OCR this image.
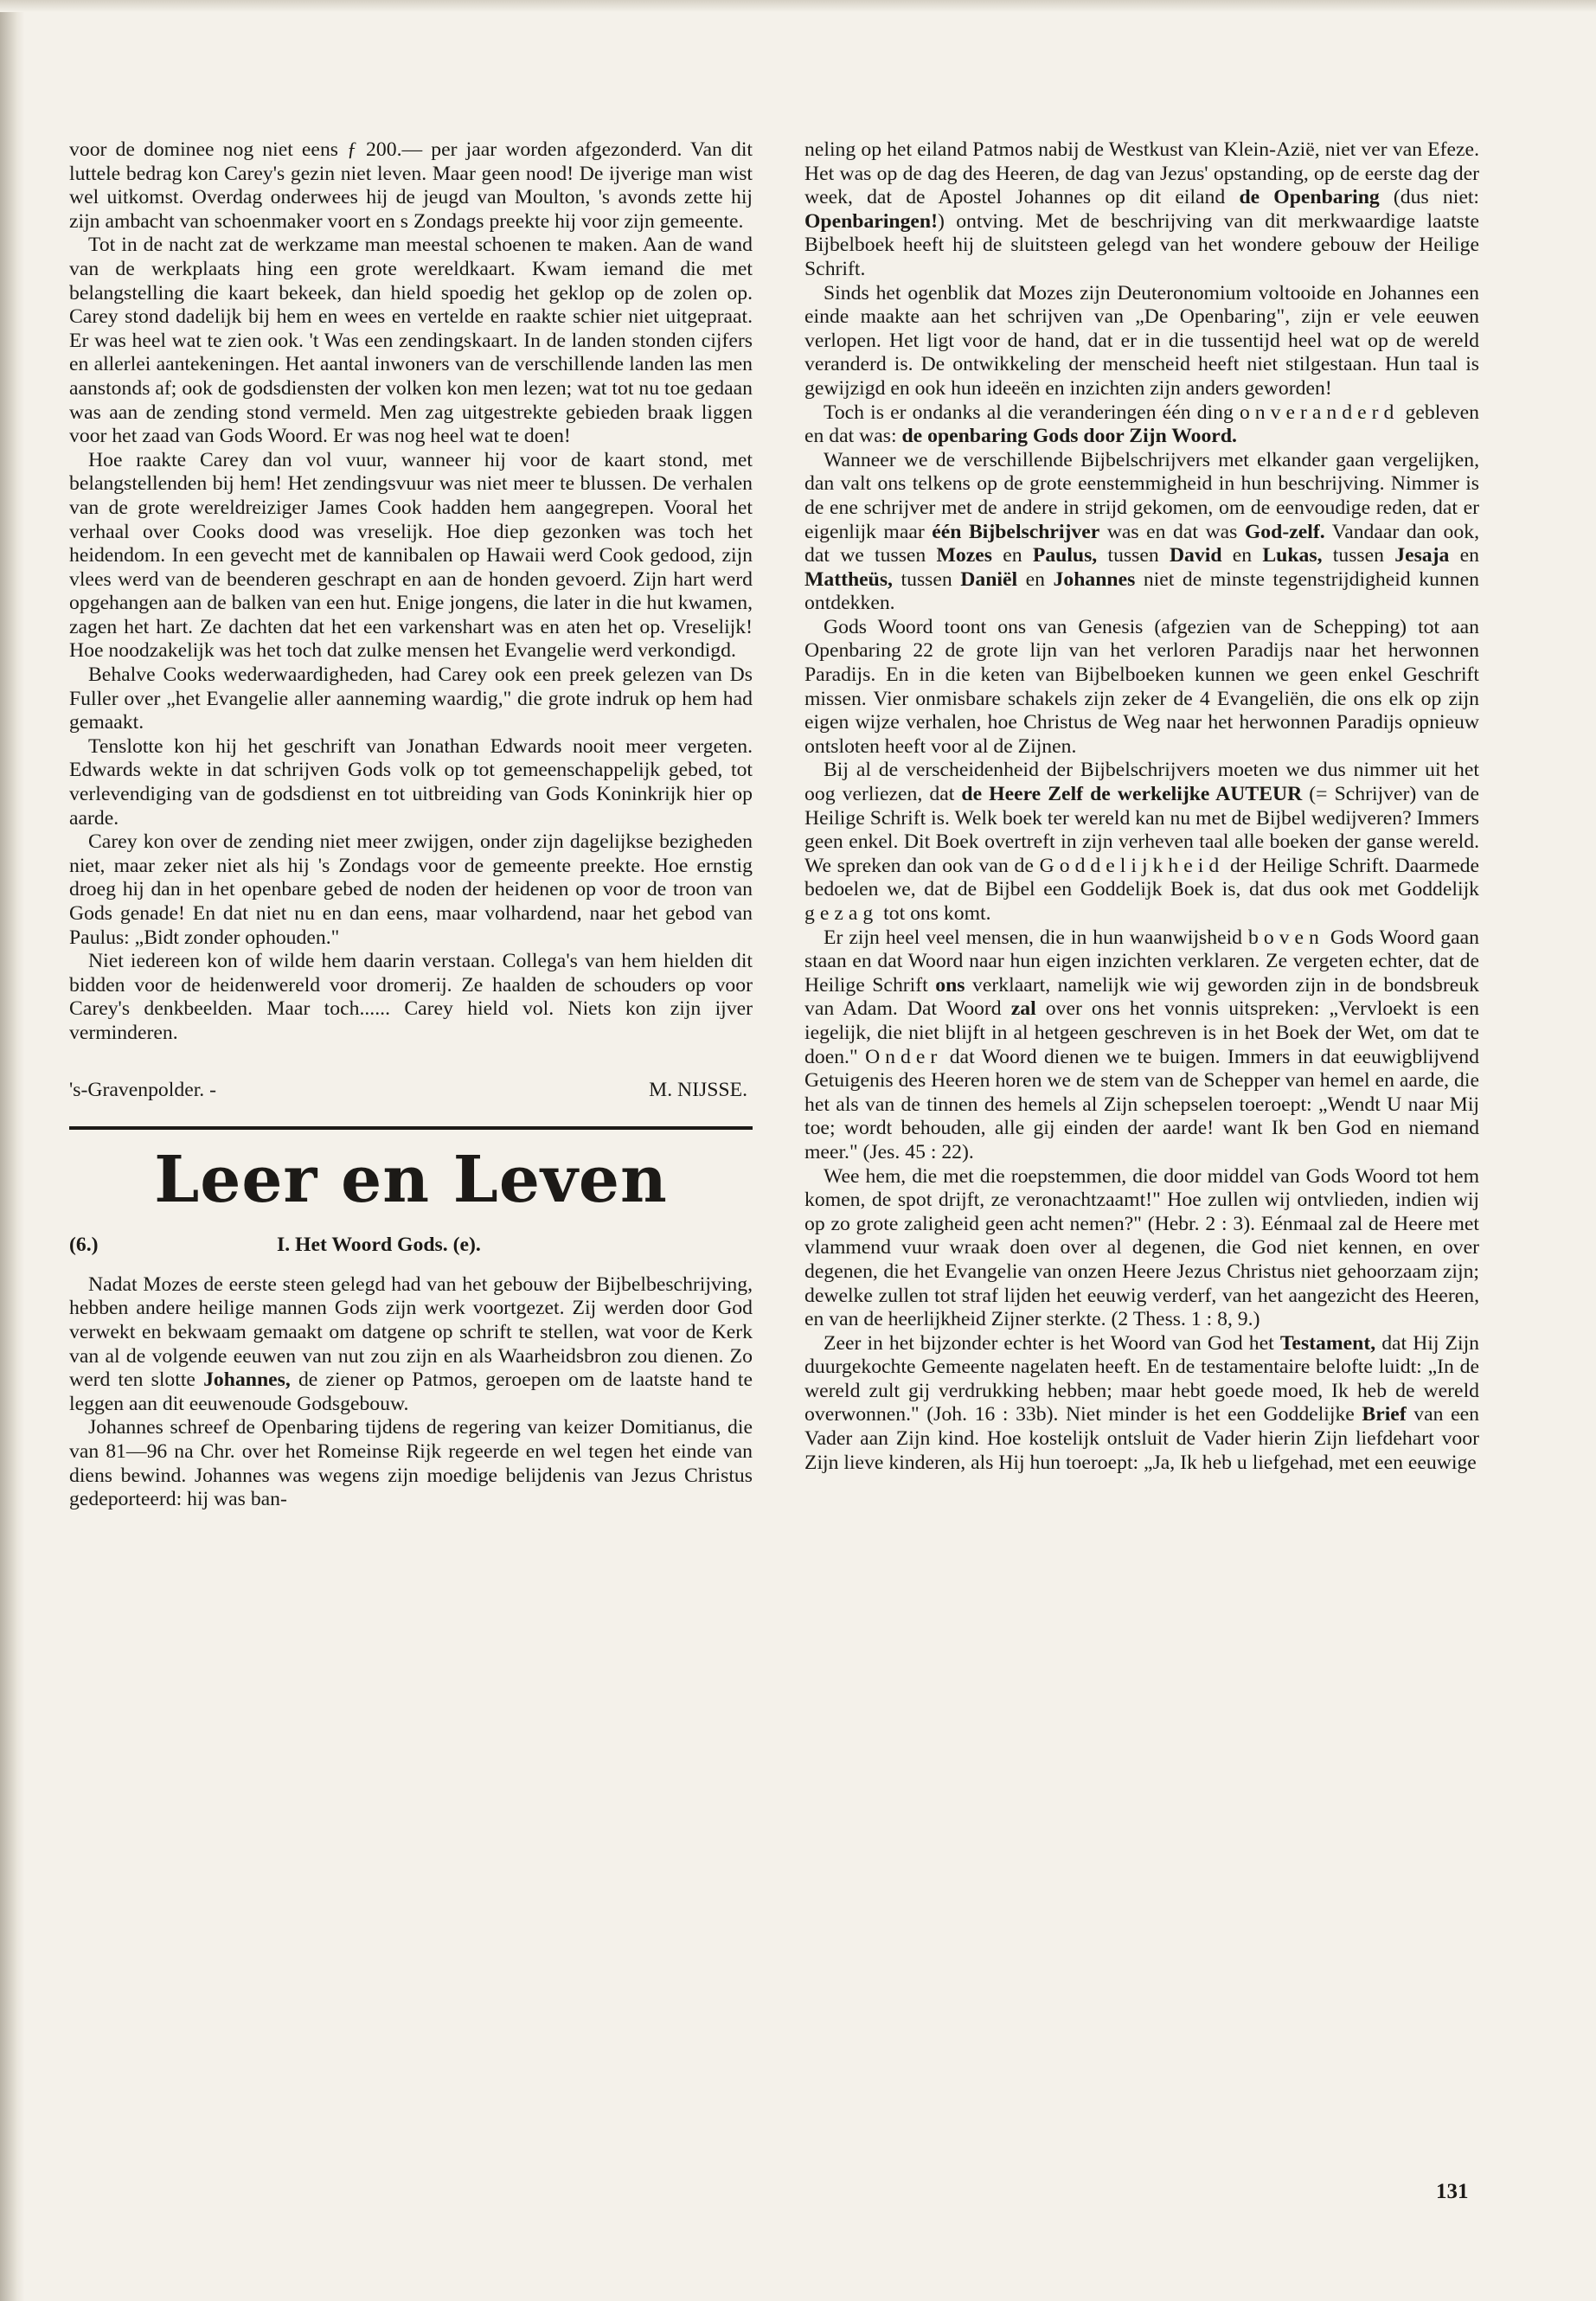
voor de dominee nog niet eens ƒ 200.— per jaar worden afgezonderd. Van dit luttele bedrag kon Carey's gezin niet leven. Maar geen nood! De ijverige man wist wel uitkomst. Overdag onderwees hij de jeugd van Moulton, 's avonds zette hij zijn ambacht van schoenmaker voort en s Zondags preekte hij voor zijn gemeente.

Tot in de nacht zat de werkzame man meestal schoenen te maken. Aan de wand van de werkplaats hing een grote wereldkaart. Kwam iemand die met belangstelling die kaart bekeek, dan hield spoedig het geklop op de zolen op. Carey stond dadelijk bij hem en wees en vertelde en raakte schier niet uitgepraat. Er was heel wat te zien ook. 't Was een zendingskaart. In de landen stonden cijfers en allerlei aantekeningen. Het aantal inwoners van de verschillende landen las men aanstonds af; ook de godsdiensten der volken kon men lezen; wat tot nu toe gedaan was aan de zending stond vermeld. Men zag uitgestrekte gebieden braak liggen voor het zaad van Gods Woord. Er was nog heel wat te doen!

Hoe raakte Carey dan vol vuur, wanneer hij voor de kaart stond, met belangstellenden bij hem! Het zendingsvuur was niet meer te blussen. De verhalen van de grote wereldreiziger James Cook hadden hem aangegrepen. Vooral het verhaal over Cooks dood was vreselijk. Hoe diep gezonken was toch het heidendom. In een gevecht met de kannibalen op Hawaii werd Cook gedood, zijn vlees werd van de beenderen geschrapt en aan de honden gevoerd. Zijn hart werd opgehangen aan de balken van een hut. Enige jongens, die later in die hut kwamen, zagen het hart. Ze dachten dat het een varkenshart was en aten het op. Vreselijk! Hoe noodzakelijk was het toch dat zulke mensen het Evangelie werd verkondigd.

Behalve Cooks wederwaardigheden, had Carey ook een preek gelezen van Ds Fuller over „het Evangelie aller aanneming waardig," die grote indruk op hem had gemaakt.

Tenslotte kon hij het geschrift van Jonathan Edwards nooit meer vergeten. Edwards wekte in dat schrijven Gods volk op tot gemeenschappelijk gebed, tot verlevendiging van de godsdienst en tot uitbreiding van Gods Koninkrijk hier op aarde.

Carey kon over de zending niet meer zwijgen, onder zijn dagelijkse bezigheden niet, maar zeker niet als hij 's Zondags voor de gemeente preekte. Hoe ernstig droeg hij dan in het openbare gebed de noden der heidenen op voor de troon van Gods genade! En dat niet nu en dan eens, maar volhardend, naar het gebod van Paulus: „Bidt zonder ophouden."

Niet iedereen kon of wilde hem daarin verstaan. Collega's van hem hielden dit bidden voor de heidenwereld voor dromerij. Ze haalden de schouders op voor Carey's denkbeelden. Maar toch...... Carey hield vol. Niets kon zijn ijver verminderen.

's-Gravenpolder. -	M. NIJSSE.
Leer en Leven
(6.)	I. Het Woord Gods. (e).

Nadat Mozes de eerste steen gelegd had van het gebouw der Bijbelbeschrijving, hebben andere heilige mannen Gods zijn werk voortgezet. Zij werden door God verwekt en bekwaam gemaakt om datgene op schrift te stellen, wat voor de Kerk van al de volgende eeuwen van nut zou zijn en als Waarheidsbron zou dienen. Zo werd ten slotte Johannes, de ziener op Patmos, geroepen om de laatste hand te leggen aan dit eeuwenoude Godsgebouw.

Johannes schreef de Openbaring tijdens de regering van keizer Domitianus, die van 81—96 na Chr. over het Romeinse Rijk regeerde en wel tegen het einde van diens bewind. Johannes was wegens zijn moedige belijdenis van Jezus Christus gedeporteerd: hij was ban-

neling op het eiland Patmos nabij de Westkust van Klein-Azië, niet ver van Efeze. Het was op de dag des Heeren, de dag van Jezus' opstanding, op de eerste dag der week, dat de Apostel Johannes op dit eiland de Openbaring (dus niet: Openbaringen!) ontving. Met de beschrijving van dit merkwaardige laatste Bijbelboek heeft hij de sluitsteen gelegd van het wondere gebouw der Heilige Schrift.

Sinds het ogenblik dat Mozes zijn Deuteronomium voltooide en Johannes een einde maakte aan het schrijven van „De Openbaring", zijn er vele eeuwen verlopen. Het ligt voor de hand, dat er in die tussentijd heel wat op de wereld veranderd is. De ontwikkeling der menscheid heeft niet stilgestaan. Hun taal is gewijzigd en ook hun ideeën en inzichten zijn anders geworden!

Toch is er ondanks al die veranderingen één ding onveranderd gebleven en dat was: de openbaring Gods door Zijn Woord.

Wanneer we de verschillende Bijbelschrijvers met elkander gaan vergelijken, dan valt ons telkens op de grote eenstemmigheid in hun beschrijving. Nimmer is de ene schrijver met de andere in strijd gekomen, om de eenvoudige reden, dat er eigenlijk maar één Bijbelschrijver was en dat was God-zelf. Vandaar dan ook, dat we tussen Mozes en Paulus, tussen David en Lukas, tussen Jesaja en Mattheüs, tussen Daniël en Johannes niet de minste tegenstrijdigheid kunnen ontdekken.

Gods Woord toont ons van Genesis (afgezien van de Schepping) tot aan Openbaring 22 de grote lijn van het verloren Paradijs naar het herwonnen Paradijs. En in die keten van Bijbelboeken kunnen we geen enkel Geschrift missen. Vier onmisbare schakels zijn zeker de 4 Evangeliën, die ons elk op zijn eigen wijze verhalen, hoe Christus de Weg naar het herwonnen Paradijs opnieuw ontsloten heeft voor al de Zijnen.

Bij al de verscheidenheid der Bijbelschrijvers moeten we dus nimmer uit het oog verliezen, dat de Heere Zelf de werkelijke AUTEUR (= Schrijver) van de Heilige Schrift is. Welk boek ter wereld kan nu met de Bijbel wedijveren? Immers geen enkel. Dit Boek overtreft in zijn verheven taal alle boeken der ganse wereld. We spreken dan ook van de Goddelijkheid der Heilige Schrift. Daarmede bedoelen we, dat de Bijbel een Goddelijk Boek is, dat dus ook met Goddelijk gezag tot ons komt.

Er zijn heel veel mensen, die in hun waanwijsheid boven Gods Woord gaan staan en dat Woord naar hun eigen inzichten verklaren. Ze vergeten echter, dat de Heilige Schrift ons verklaart, namelijk wie wij geworden zijn in de bondsbreuk van Adam. Dat Woord zal over ons het vonnis uitspreken: „Vervloekt is een iegelijk, die niet blijft in al hetgeen geschreven is in het Boek der Wet, om dat te doen." Onder dat Woord dienen we te buigen. Immers in dat eeuwigblijvend Getuigenis des Heeren horen we de stem van de Schepper van hemel en aarde, die het als van de tinnen des hemels al Zijn schepselen toeroept: „Wendt U naar Mij toe; wordt behouden, alle gij einden der aarde! want Ik ben God en niemand meer." (Jes. 45 : 22).

Wee hem, die met die roepstemmen, die door middel van Gods Woord tot hem komen, de spot drijft, ze veronachtzaamt!" Hoe zullen wij ontvlieden, indien wij op zo grote zaligheid geen acht nemen?" (Hebr. 2 : 3). Eénmaal zal de Heere met vlammend vuur wraak doen over al degenen, die God niet kennen, en over degenen, die het Evangelie van onzen Heere Jezus Christus niet gehoorzaam zijn; dewelke zullen tot straf lijden het eeuwig verderf, van het aangezicht des Heeren, en van de heerlijkheid Zijner sterkte. (2 Thess. 1 : 8, 9.)

Zeer in het bijzonder echter is het Woord van God het Testament, dat Hij Zijn duurgekochte Gemeente nagelaten heeft. En de testamentaire belofte luidt: „In de wereld zult gij verdrukking hebben; maar hebt goede moed, Ik heb de wereld overwonnen." (Joh. 16 : 33b). Niet minder is het een Goddelijke Brief van een Vader aan Zijn kind. Hoe kostelijk ontsluit de Vader hierin Zijn liefdehart voor Zijn lieve kinderen, als Hij hun toeroept: „Ja, Ik heb u liefgehad, met een eeuwige

131
